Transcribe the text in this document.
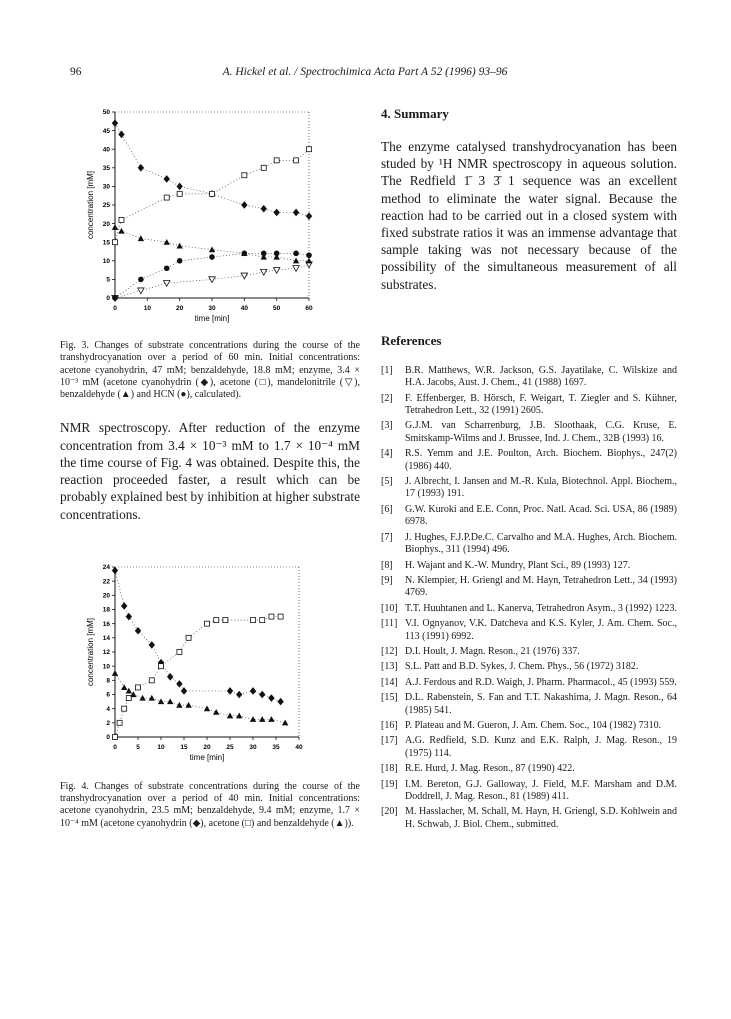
96	A. Hickel et al. / Spectrochimica Acta Part A 52 (1996) 93–96
0	10	20	30	40	50	60
0
5
10
15
20
25
30
35
40
45
50
time [min]
concentration [mM]

Fig. 3. Changes of substrate concentrations during the course of the transhydrocyanation over a period of 60 min. Initial concentrations: acetone cyanohydrin, 47 mM; benzaldehyde, 18.8 mM; enzyme, 3.4 × 10⁻³ mM (acetone cyanohydrin (◆), acetone (□), mandelonitrile (▽), benzaldehyde (▲) and HCN (●), calculated).

NMR spectroscopy. After reduction of the enzyme concentration from 3.4 × 10⁻³ mM to 1.7 × 10⁻⁴ mM the time course of Fig. 4 was obtained. Despite this, the reaction proceeded faster, a result which can be probably explained best by inhibition at higher substrate concentrations.

0	5	10 15 20 25 30 35 40
0
2
4
6
8
10
12
14
16
18
20
22
24
time [min]
concentration [mM]

Fig. 4. Changes of substrate concentrations during the course of the transhydrocyanation over a period of 40 min. Initial concentrations: acetone cyanohydrin, 23.5 mM; benzaldehyde, 9.4 mM; enzyme, 1.7 × 10⁻⁴ mM (acetone cyanohydrin (◆), acetone (□) and benzaldehyde (▲)).

4. Summary

The enzyme catalysed transhydrocyanation has been studed by ¹H NMR spectroscopy in aqueous solution. The Redfield 1̄ 3 3̄ 1 sequence was an excellent method to eliminate the water signal. Because the reaction had to be carried out in a closed system with fixed substrate ratios it was an immense advantage that sample taking was not necessary because of the possibility of the simultaneous measurement of all substrates.

References
[1] B.R. Matthews, W.R. Jackson, G.S. Jayatilake, C. Wilskize and H.A. Jacobs, Aust. J. Chem., 41 (1988) 1697.
[2] F. Effenberger, B. Hörsch, F. Weigart, T. Ziegler and S. Kühner, Tetrahedron Lett., 32 (1991) 2605.
[3] G.J.M. van Scharrenburg, J.B. Sloothaak, C.G. Kruse, E. Smitskamp-Wilms and J. Brussee, Ind. J. Chem., 32B (1993) 16.
[4] R.S. Yemm and J.E. Poulton, Arch. Biochem. Biophys., 247(2) (1986) 440.
[5] J. Albrecht, I. Jansen and M.-R. Kula, Biotechnol. Appl. Biochem., 17 (1993) 191.
[6] G.W. Kuroki and E.E. Conn, Proc. Natl. Acad. Sci. USA, 86 (1989) 6978.
[7] J. Hughes, F.J.P.De.C. Carvalho and M.A. Hughes, Arch. Biochem. Biophys., 311 (1994) 496.
[8] H. Wajant and K.-W. Mundry, Plant Sci., 89 (1993) 127.
[9] N. Klempier, H. Griengl and M. Hayn, Tetrahedron Lett., 34 (1993) 4769.
[10] T.T. Huuhtanen and L. Kanerva, Tetrahedron Asym., 3 (1992) 1223.
[11] V.I. Ognyanov, V.K. Datcheva and K.S. Kyler, J. Am. Chem. Soc., 113 (1991) 6992.
[12] D.I. Hoult, J. Magn. Reson., 21 (1976) 337.
[13] S.L. Patt and B.D. Sykes, J. Chem. Phys., 56 (1972) 3182.
[14] A.J. Ferdous and R.D. Waigh, J. Pharm. Pharmacol., 45 (1993) 559.
[15] D.L. Rabenstein, S. Fan and T.T. Nakashima, J. Magn. Reson., 64 (1985) 541.
[16] P. Plateau and M. Gueron, J. Am. Chem. Soc., 104 (1982) 7310.
[17] A.G. Redfield, S.D. Kunz and E.K. Ralph, J. Mag. Reson., 19 (1975) 114.
[18] R.E. Hurd, J. Mag. Reson., 87 (1990) 422.
[19] I.M. Bereton, G.J. Galloway, J. Field, M.F. Marsham and D.M. Doddrell, J. Mag. Reson., 81 (1989) 411.
[20] M. Hasslacher, M. Schall, M. Hayn, H. Griengl, S.D. Kohlwein and H. Schwab, J. Biol. Chem., submitted.
